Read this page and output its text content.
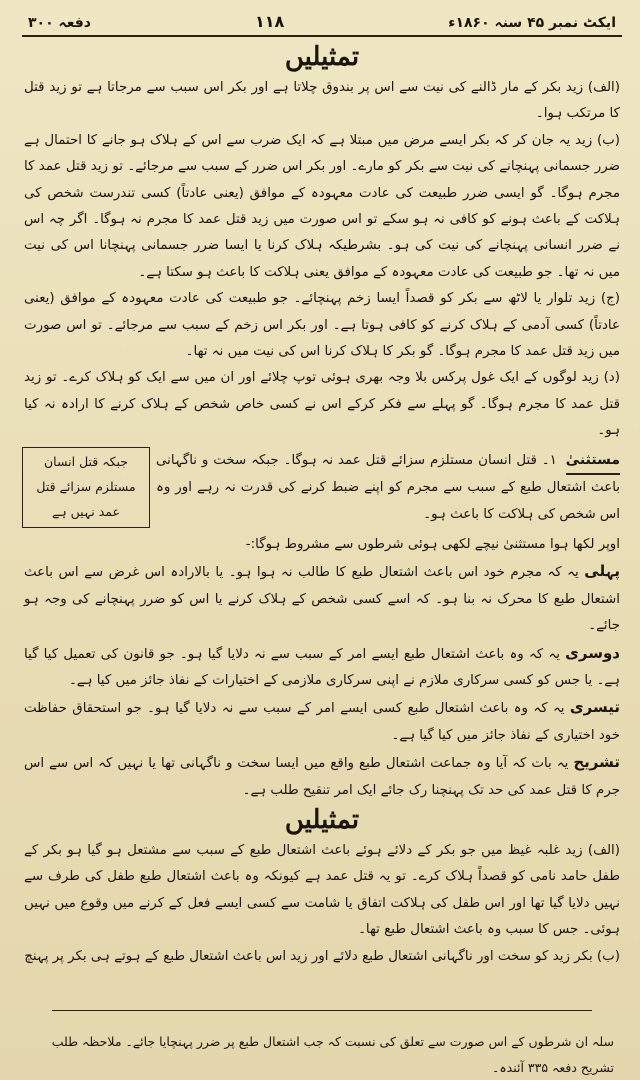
دفعہ ۳۰۰	۱۱۸	ایکٹ نمبر ۴۵ سنہ ۱۸۶۰ء
تمثیلیں

(الف) زید بکر کے مار ڈالنے کی نیت سے اس پر بندوق چلاتا ہے اور بکر اس سبب سے مرجاتا ہے تو زید قتل کا مرتکب ہوا۔

(ب) زید یہ جان کر کہ بکر ایسے مرض میں مبتلا ہے کہ ایک ضرب سے اس کے ہلاک ہو جانے کا احتمال ہے ضرر جسمانی پہنچانے کی نیت سے بکر کو مارے۔ اور بکر اس ضرر کے سبب سے مرجائے۔ تو زید قتل عمد کا مجرم ہوگا۔ گو ایسی ضرر طبیعت کی عادت معہودہ کے موافق (یعنی عادتاً) کسی تندرست شخص کی ہلاکت کے باعث ہونے کو کافی نہ ہو سکے تو اس صورت میں زید قتل عمد کا مجرم نہ ہوگا۔ اگر چہ اس نے ضرر انسانی پہنچانے کی نیت کی ہو۔ بشرطیکہ ہلاک کرنا یا ایسا ضرر جسمانی پہنچانا اس کی نیت میں نہ تھا۔ جو طبیعت کی عادت معہودہ کے موافق یعنی ہلاکت کا باعث ہو سکتا ہے۔

(ج) زید تلوار یا لاٹھ سے بکر کو قصداً ایسا زخم پہنچائے۔ جو طبیعت کی عادت معہودہ کے موافق (یعنی عادتاً) کسی آدمی کے ہلاک کرنے کو کافی ہوتا ہے۔ اور بکر اس زخم کے سبب سے مرجائے۔ تو اس صورت میں زید قتل عمد کا مجرم ہوگا۔ گو بکر کا ہلاک کرنا اس کی نیت میں نہ تھا۔

(د) زید لوگوں کے ایک غول پرکس بلا وجہ بھری ہوئی توپ چلائے اور ان میں سے ایک کو ہلاک کرے۔ تو زید قتل عمد کا مجرم ہوگا۔ گو پہلے سے فکر کرکے اس نے کسی خاص شخص کے ہلاک کرنے کا ارادہ نہ کیا ہو۔

مستثنیٰ ۱۔ قتل انسان مستلزم سزائے قتل عمد نہ ہوگا۔ جبکہ سخت و ناگہانی باعث اشتعال طبع کے سبب سے مجرم کو اپنے ضبط کرنے کی قدرت نہ رہے اور وہ اس شخص کی ہلاکت کا باعث ہو۔

جبکہ قتل انسان مستلزم سزائے قتل عمد نہیں ہے

اوپر لکھا ہوا مستثنیٰ نیچے لکھی ہوئی شرطوں سے مشروط ہوگا:-

پہلی یہ کہ مجرم خود اس باعث اشتعال طبع کا طالب نہ ہوا ہو۔ یا بالارادہ اس غرض سے اس باعث اشتعال طبع کا محرک نہ بنا ہو۔ کہ اسے کسی شخص کے ہلاک کرنے یا اس کو ضرر پہنچانے کی وجہ ہو جائے۔

دوسری یہ کہ وہ باعث اشتعال طبع ایسے امر کے سبب سے نہ دلایا گیا ہو۔ جو قانون کی تعمیل کیا گیا ہے۔ یا جس کو کسی سرکاری ملازم نے اپنی سرکاری ملازمی کے اختیارات کے نفاذ جائز میں کیا ہے۔

تیسری یہ کہ وہ باعث اشتعال طبع کسی ایسے امر کے سبب سے نہ دلایا گیا ہو۔ جو استحقاق حفاظت خود اختیاری کے نفاذ جائز میں کیا گیا ہے۔

تشریح یہ بات کہ آیا وہ جماعت اشتعال طبع واقع میں ایسا سخت و ناگہانی تھا یا نہیں کہ اس سے اس جرم کا قتل عمد کی حد تک پہنچنا رک جائے ایک امر تنقیح طلب ہے۔

تمثیلیں

(الف) زید غلبہ غیظ میں جو بکر کے دلائے ہوئے باعث اشتعال طبع کے سبب سے مشتعل ہو گیا ہو بکر کے طفل حامد نامی کو قصداً ہلاک کرے۔ تو یہ قتل عمد ہے کیونکہ وہ باعث اشتعال طبع طفل کی طرف سے نہیں دلایا گیا تھا اور اس طفل کی ہلاکت اتفاق یا شامت سے کسی ایسے فعل کے کرنے میں وقوع میں نہیں ہوئی۔ جس کا سبب وہ باعث اشتعال طبع تھا۔

(ب) بکر زید کو سخت اور ناگہانی اشتعال طبع دلائے اور زید اس باعث اشتعال طبع کے ہوتے ہی بکر پر پہنچ

سلہ ان شرطوں کے اس صورت سے تعلق کی نسبت کہ جب اشتعال طبع پر ضرر پہنچایا جائے۔ ملاحظہ طلب تشریح دفعہ ۳۳۵ آئندہ۔
